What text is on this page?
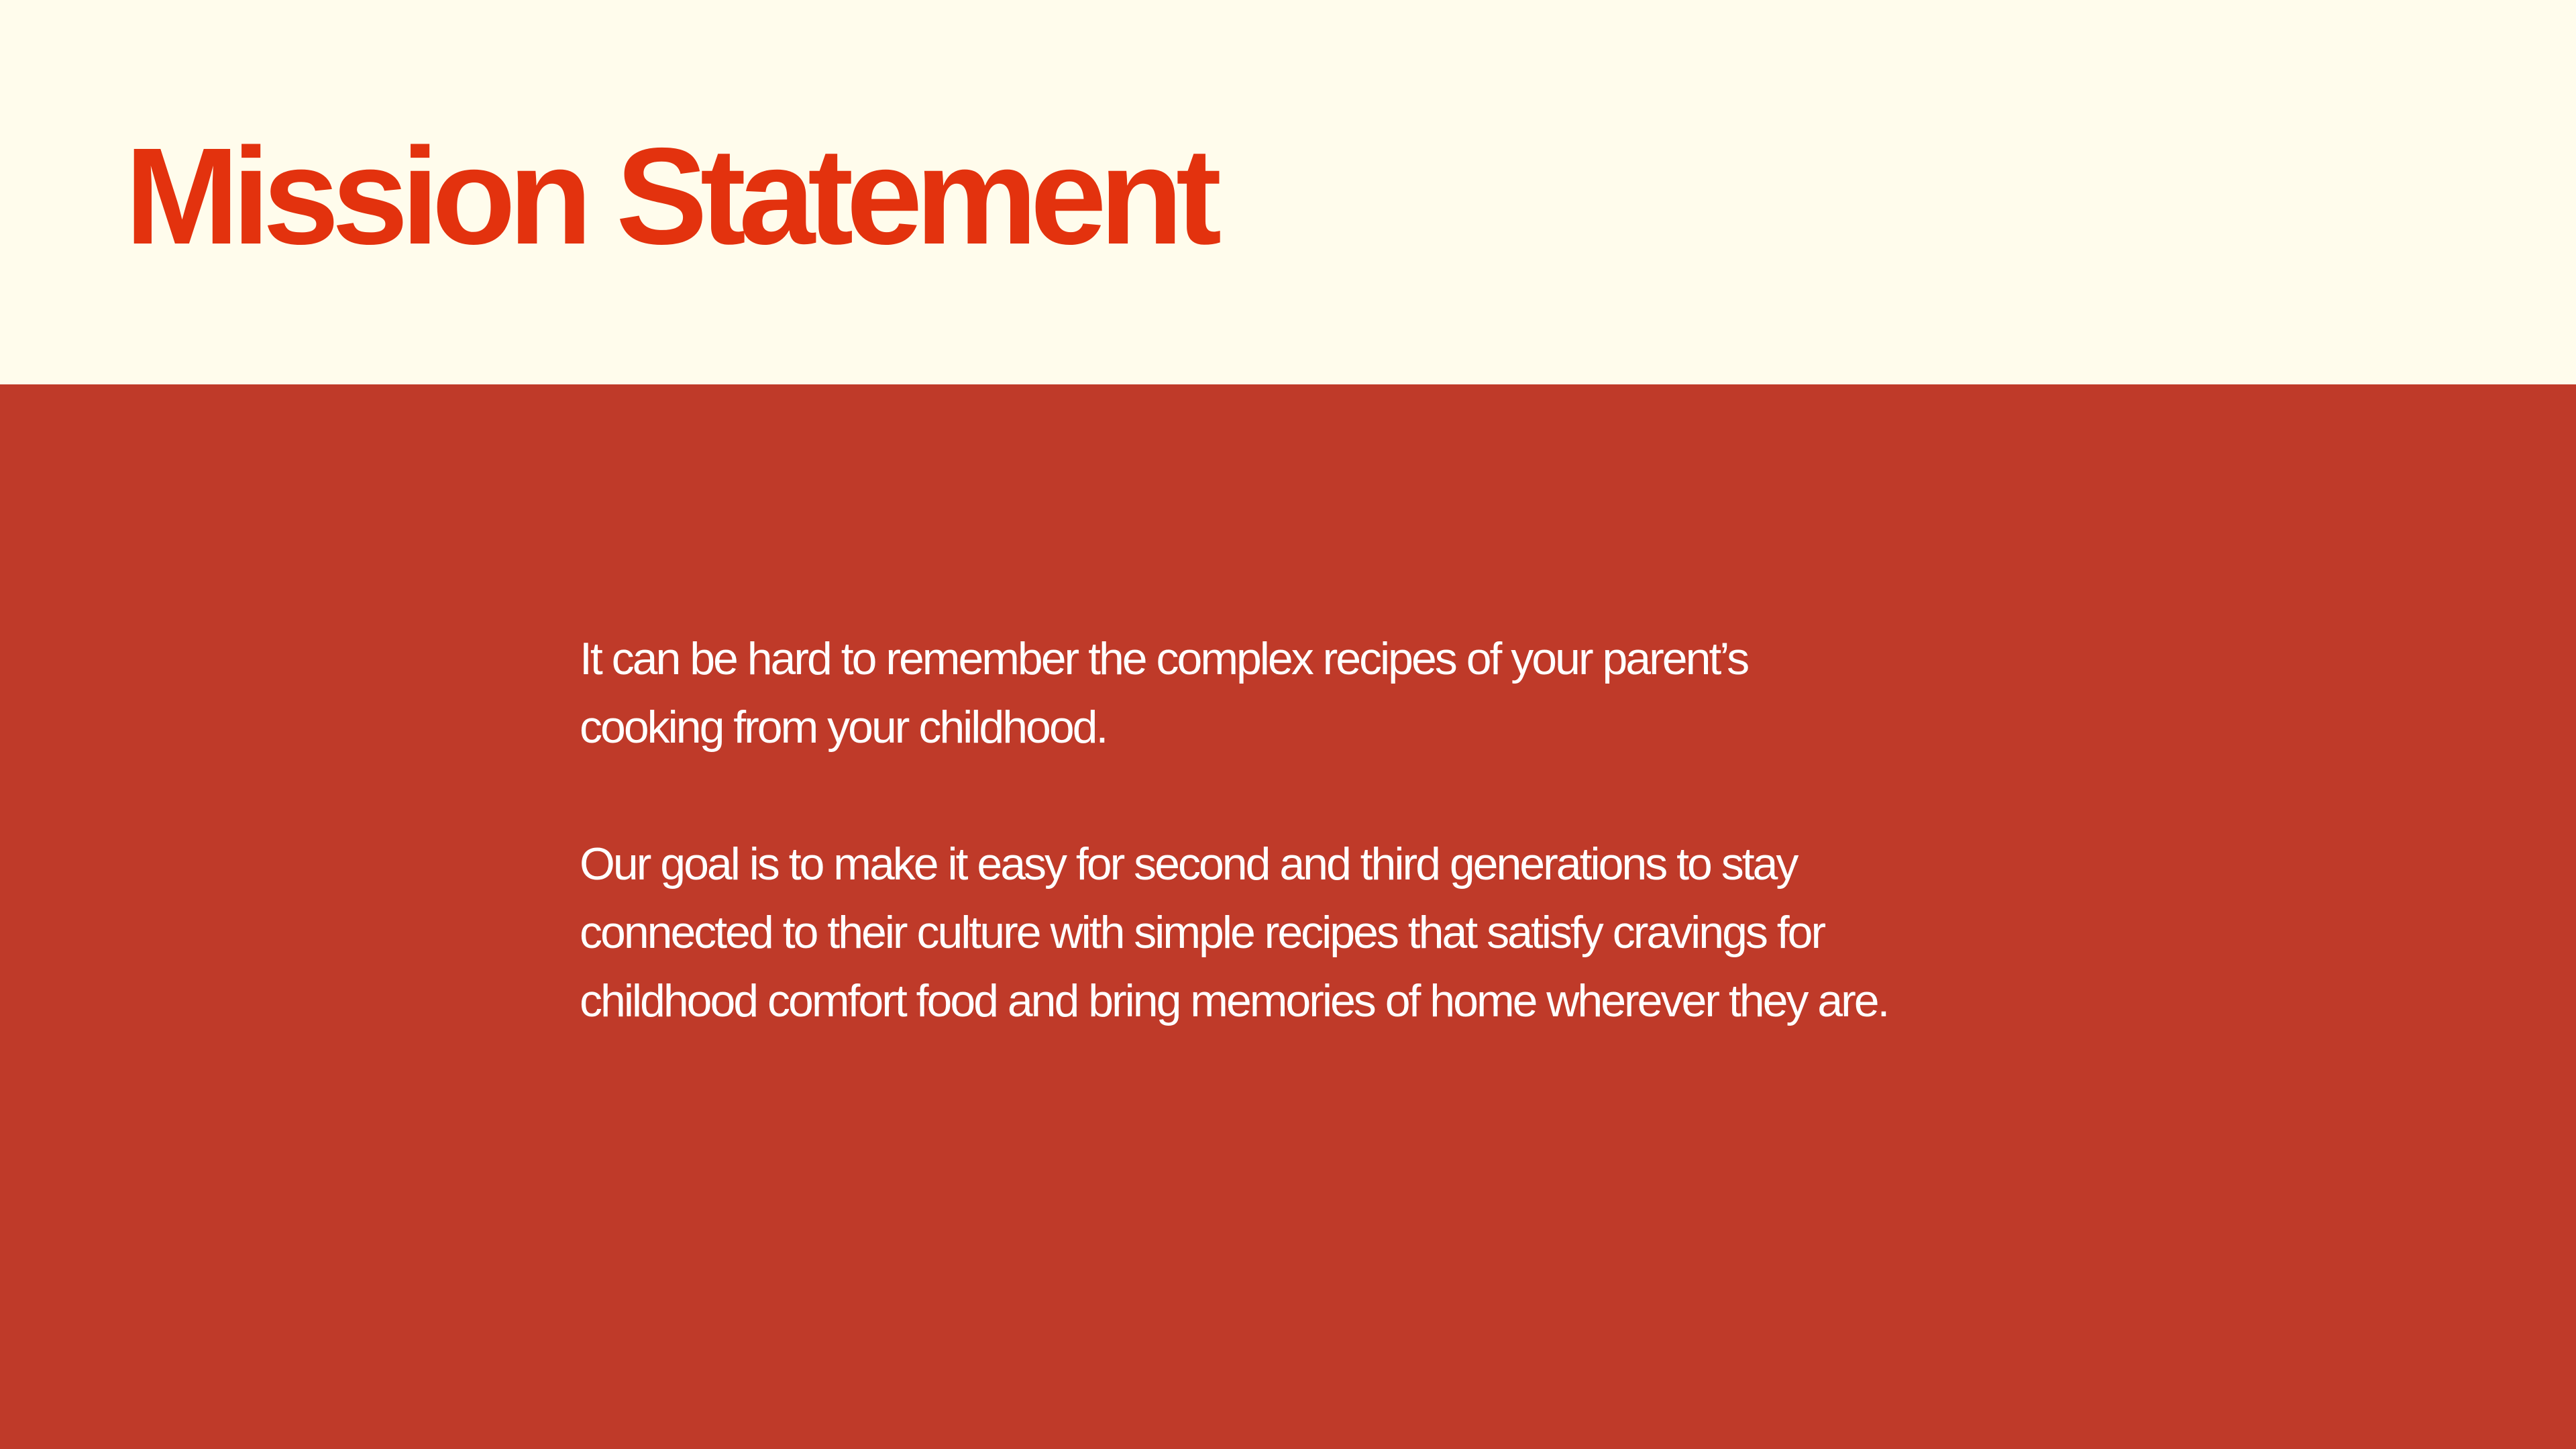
Mission Statement

It can be hard to remember the complex recipes of your parent’s cooking from your childhood.

Our goal is to make it easy for second and third generations to stay connected to their culture with simple recipes that satisfy cravings for childhood comfort food and bring memories of home wherever they are.
